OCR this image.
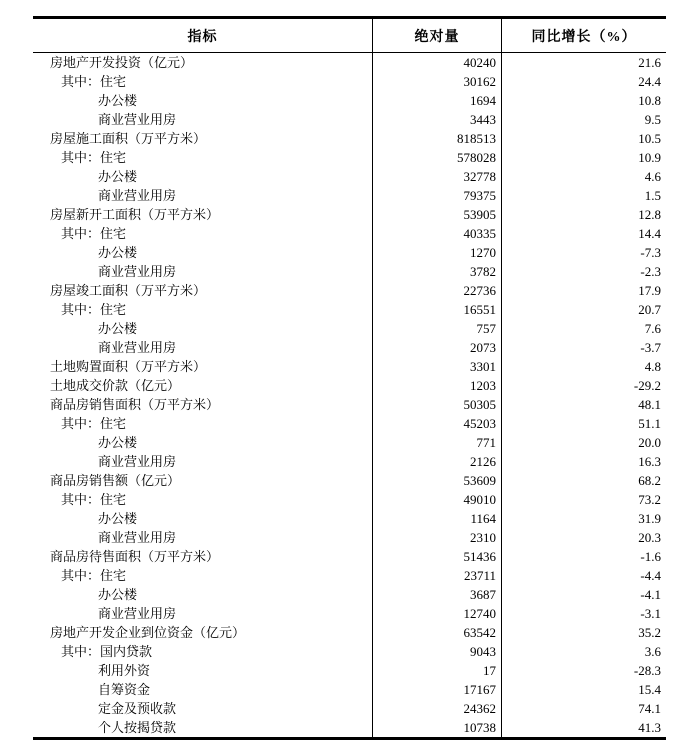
指标	绝对量	同比增长（%）
房地产开发投资（亿元）	40240	21.6
其中：住宅	30162	24.4
办公楼	1694	10.8
商业营业用房	3443	9.5
房屋施工面积（万平方米）	818513	10.5
其中：住宅	578028	10.9
办公楼	32778	4.6
商业营业用房	79375	1.5
房屋新开工面积（万平方米）	53905	12.8
其中：住宅	40335	14.4
办公楼	1270	-7.3
商业营业用房	3782	-2.3
房屋竣工面积（万平方米）	22736	17.9
其中：住宅	16551	20.7
办公楼	757	7.6
商业营业用房	2073	-3.7
土地购置面积（万平方米）	3301	4.8
土地成交价款（亿元）	1203	-29.2
商品房销售面积（万平方米）	50305	48.1
其中：住宅	45203	51.1
办公楼	771	20.0
商业营业用房	2126	16.3
商品房销售额（亿元）	53609	68.2
其中：住宅	49010	73.2
办公楼	1164	31.9
商业营业用房	2310	20.3
商品房待售面积（万平方米）	51436	-1.6
其中：住宅	23711	-4.4
办公楼	3687	-4.1
商业营业用房	12740	-3.1
房地产开发企业到位资金（亿元）	63542	35.2
其中：国内贷款	9043	3.6
利用外资	17	-28.3
自筹资金	17167	15.4
定金及预收款	24362	74.1
个人按揭贷款	10738	41.3
